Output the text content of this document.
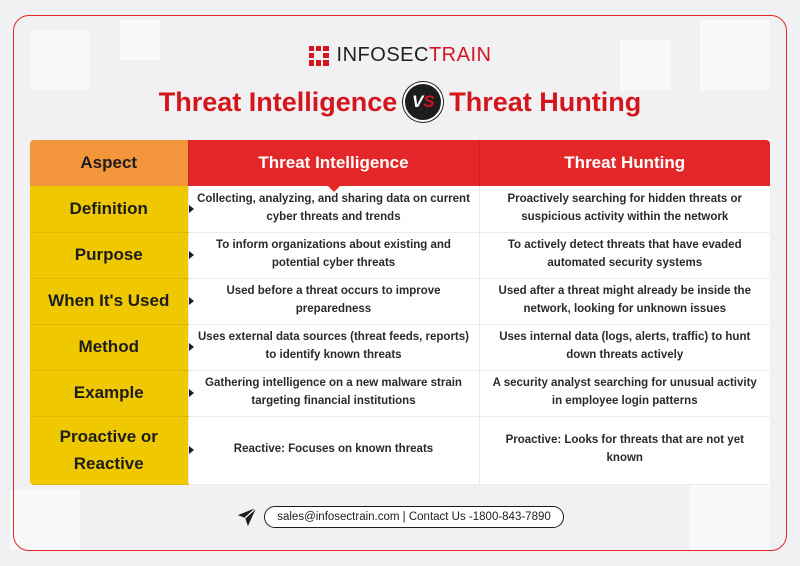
INFOSECTRAIN
Threat Intelligence V S Threat Hunting
Aspect	Threat Intelligence	Threat Hunting
Definition	Collecting, analyzing, and sharing data on current cyber threats and trends	Proactively searching for hidden threats or suspicious activity within the network
Purpose	To inform organizations about existing and potential cyber threats	To actively detect threats that have evaded automated security systems
When It's Used	Used before a threat occurs to improve preparedness	Used after a threat might already be inside the network, looking for unknown issues
Method	Uses external data sources (threat feeds, reports) to identify known threats	Uses internal data (logs, alerts, traffic) to hunt down threats actively
Example	Gathering intelligence on a new malware strain targeting financial institutions	A security analyst searching for unusual activity in employee login patterns
Proactive or Reactive	Reactive: Focuses on known threats	Proactive: Looks for threats that are not yet known
sales@infosectrain.com | Contact Us -1800-843-7890
